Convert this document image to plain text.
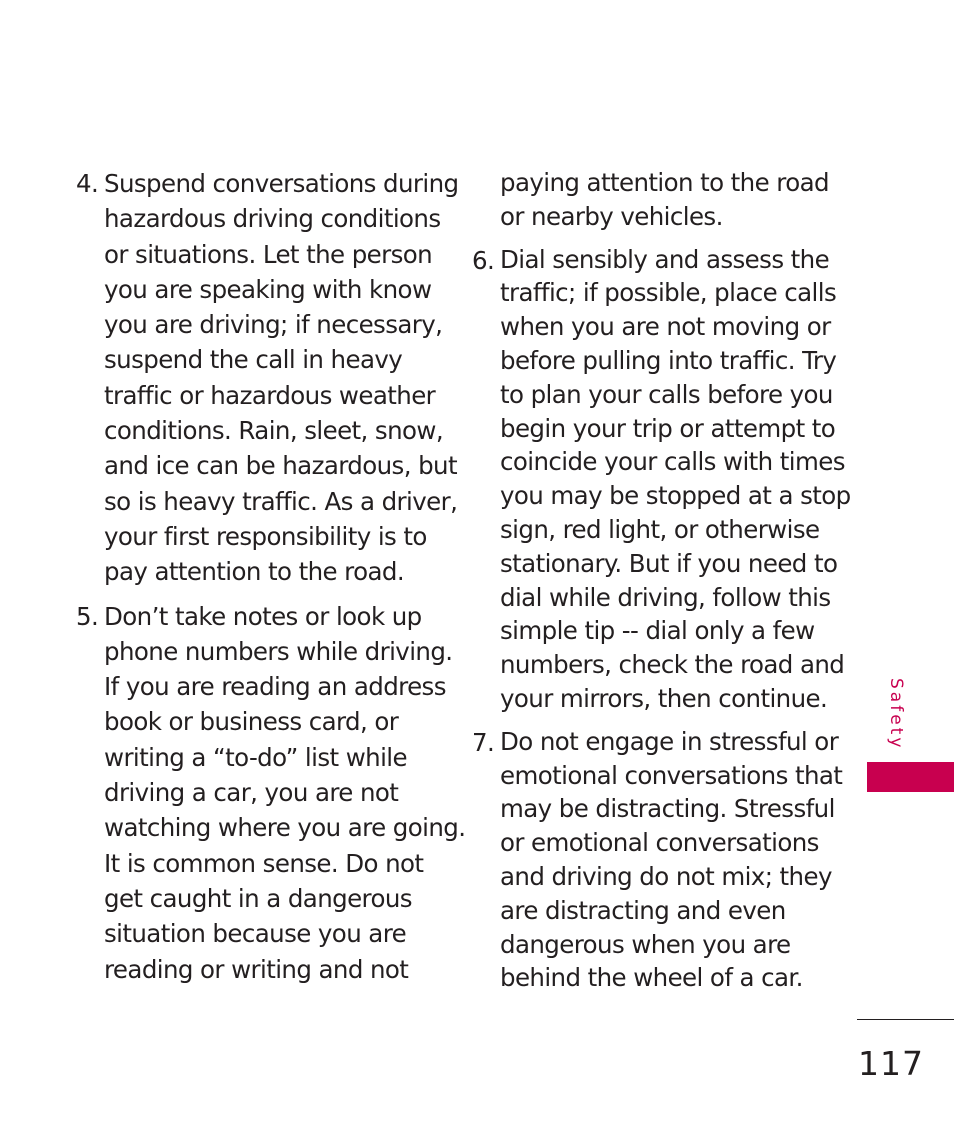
4. Suspend conversations during
hazardous driving conditions
or situations. Let the person
you are speaking with know
you are driving; if necessary,
suspend the call in heavy
traffic or hazardous weather
conditions. Rain, sleet, snow,
and ice can be hazardous, but
so is heavy traffic. As a driver,
your first responsibility is to
pay attention to the road.
5. Don’t take notes or look up
phone numbers while driving.
If you are reading an address
book or business card, or
writing a “to-do” list while
driving a car, you are not
watching where you are going.
It is common sense. Do not
get caught in a dangerous
situation because you are
reading or writing and not
paying attention to the road
or nearby vehicles.
6. Dial sensibly and assess the
traffic; if possible, place calls
when you are not moving or
before pulling into traffic. Try
to plan your calls before you
begin your trip or attempt to
coincide your calls with times
you may be stopped at a stop
sign, red light, or otherwise
stationary. But if you need to
dial while driving, follow this
simple tip -- dial only a few
numbers, check the road and
your mirrors, then continue.
7. Do not engage in stressful or
emotional conversations that
may be distracting. Stressful
or emotional conversations
and driving do not mix; they
are distracting and even
dangerous when you are
behind the wheel of a car.
Safety
117
